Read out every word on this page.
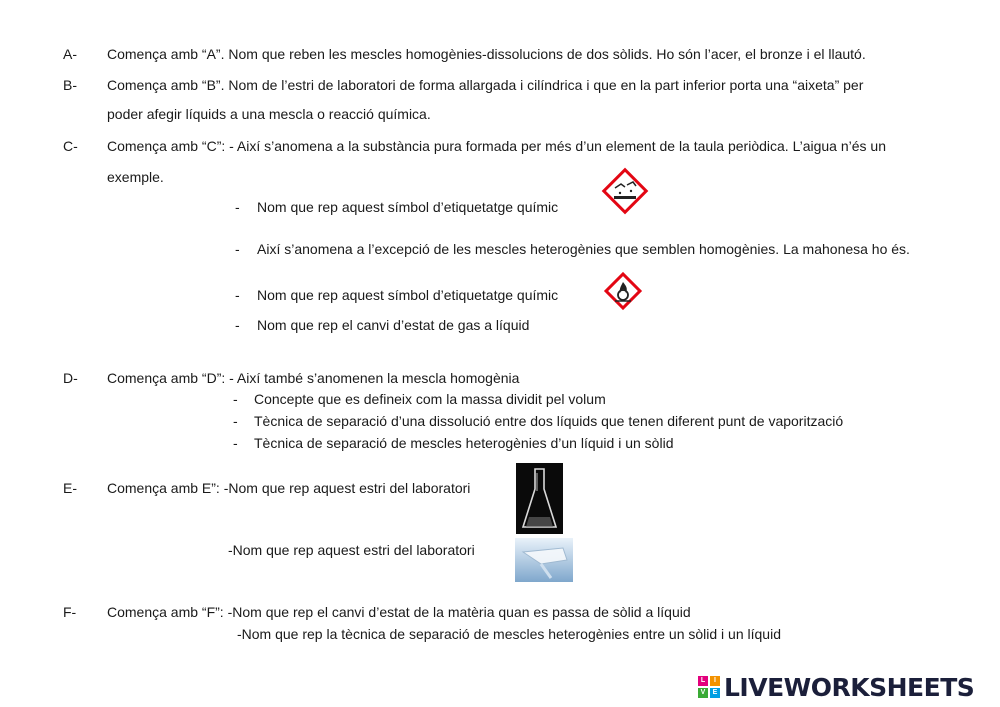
A- Comença amb “A”. Nom que reben les mescles homogènies-dissolucions de dos sòlids. Ho són l’acer, el bronze i el llautó.
B- Comença amb “B”. Nom de l’estri de laboratori de forma allargada i cilíndrica i que en la part inferior porta una “aixeta” per
poder afegir líquids a una mescla o reacció química.
C- Comença amb “C”: - Així s’anomena a la substància pura formada per més d’un element de la taula periòdica. L’aigua n’és un
exemple.
- Nom que rep aquest símbol d’etiquetatge químic
- Així s’anomena a l’excepció de les mescles heterogènies que semblen homogènies. La mahonesa ho és.
- Nom que rep aquest símbol d’etiquetatge químic
- Nom que rep el canvi d’estat de gas a líquid
D- Comença amb “D”: - Així també s’anomenen la mescla homogènia
- Concepte que es defineix com la massa dividit pel volum
- Tècnica de separació d’una dissolució entre dos líquids que tenen diferent punt de vaporització
- Tècnica de separació de mescles heterogènies d’un líquid i un sòlid
E- Comença amb E”: -Nom que rep aquest estri del laboratori
-Nom que rep aquest estri del laboratori
F- Comença amb “F”: -Nom que rep el canvi d’estat de la matèria quan es passa de sòlid a líquid
-Nom que rep la tècnica de separació de mescles heterogènies entre un sòlid i un líquid
L	I
V	E LIVEWORKSHEETS
